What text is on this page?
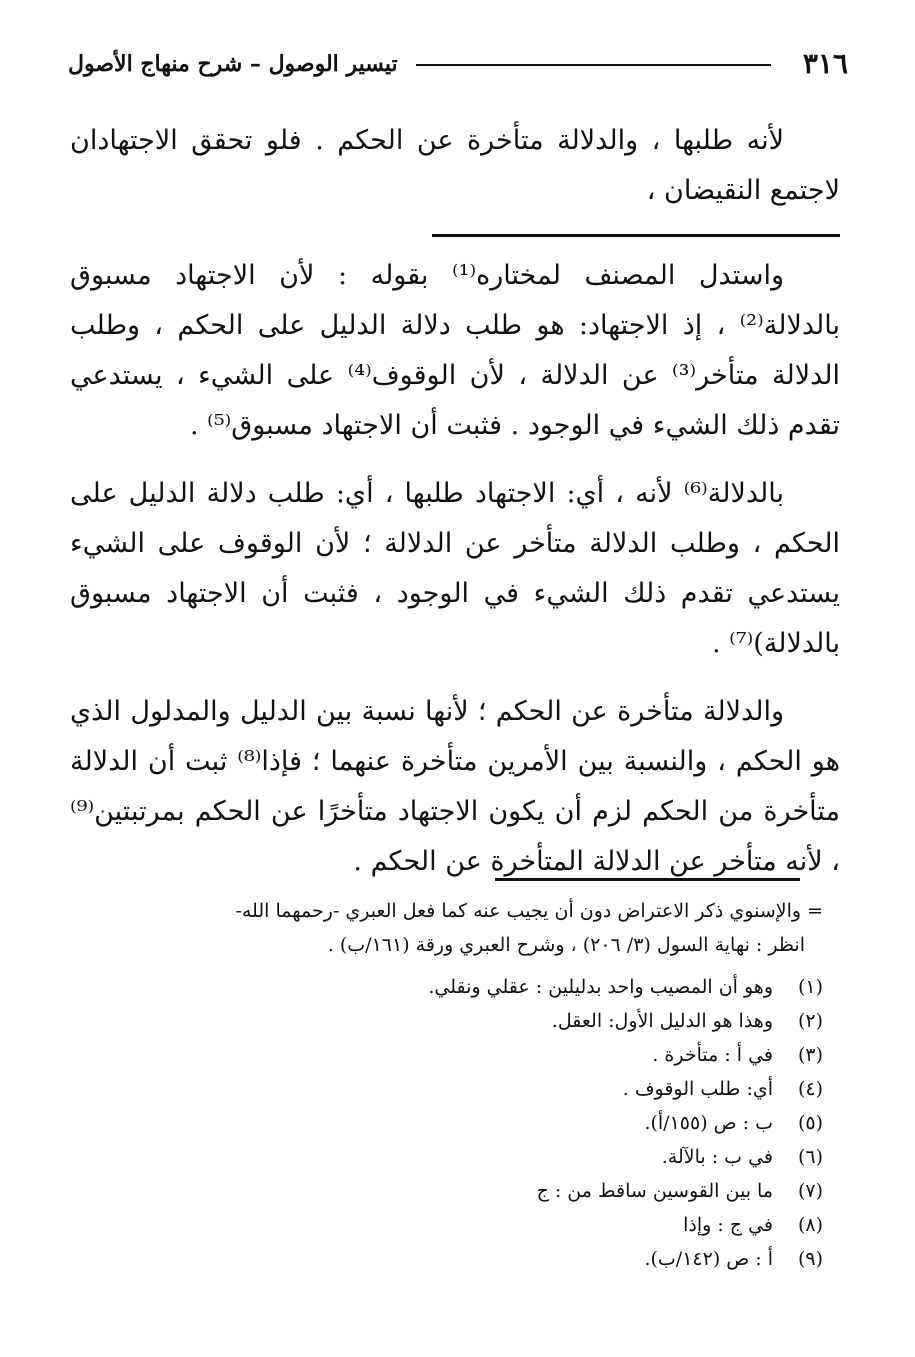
٣١٦
تيسير الوصول – شرح منهاج الأصول

لأنه طلبها ، والدلالة متأخرة عن الحكم . فلو تحقق الاجتهادان لاجتمع النقيضان ،

واستدل المصنف لمختاره⁽¹⁾ بقوله : لأن الاجتهاد مسبوق بالدلالة⁽²⁾ ، إذ الاجتهاد: هو طلب دلالة الدليل على الحكم ، وطلب الدلالة متأخر⁽³⁾ عن الدلالة ، لأن الوقوف⁽⁴⁾ على الشيء ، يستدعي تقدم ذلك الشيء في الوجود . فثبت أن الاجتهاد مسبوق⁽⁵⁾ .

بالدلالة⁽⁶⁾ لأنه ، أي: الاجتهاد طلبها ، أي: طلب دلالة الدليل على الحكم ، وطلب الدلالة متأخر عن الدلالة ؛ لأن الوقوف على الشيء يستدعي تقدم ذلك الشيء في الوجود ، فثبت أن الاجتهاد مسبوق بالدلالة)⁽⁷⁾ .

والدلالة متأخرة عن الحكم ؛ لأنها نسبة بين الدليل والمدلول الذي هو الحكم ، والنسبة بين الأمرين متأخرة عنهما ؛ فإذا⁽⁸⁾ ثبت أن الدلالة متأخرة من الحكم لزم أن يكون الاجتهاد متأخرًا عن الحكم بمرتبتين⁽⁹⁾ ، لأنه متأخر عن الدلالة المتأخرة عن الحكم .

= والإسنوي ذكر الاعتراض دون أن يجيب عنه كما فعل العبري -رحمهما الله-

انظر : نهاية السول (٣/ ٢٠٦) ، وشرح العبري ورقة (١٦١/ب) .

(١)
وهو أن المصيب واحد بدليلين : عقلي ونقلي.
(٢)
وهذا هو الدليل الأول: العقل.
(٣)
في أ : متأخرة .
(٤)
أي: طلب الوقوف .
(٥)
ب : ص (١٥٥/أ).
(٦)
في ب : بالآلة.
(٧)
ما بين القوسين ساقط من : ج
(٨)
في ج : وإذا
(٩)
أ : ص (١٤٢/ب).
